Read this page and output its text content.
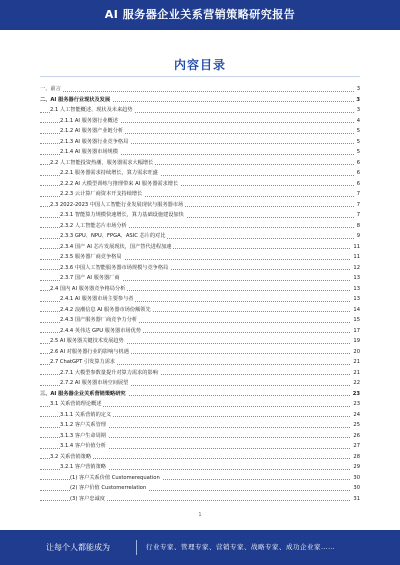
AI 服务器企业关系营销策略研究报告
内容目录
一、前言	3
二、AI 服务器行业现状及发展	3
2.1 人工智能概述、现状及未来趋势	3
2.1.1 AI 服务器行业概述	4
2.1.2 AI 服务器产业链分析	5
2.1.3 AI 服务器行业竞争格局	5
2.1.4 AI 服务器市场规模	5
2.2 人工智能投资热潮，服务器需求大幅增长	6
2.2.1 服务器需求持续增长，算力需求旺盛	6
2.2.2 AI 大模型训练与推理带来 AI 服务器需求增长	6
2.2.3 云计算厂商资本开支持续增长	7
2.3 2022-2023 中国人工智能行业发展现状与服务器市场	7
2.3.1 智能算力规模快速增长，算力基础设施建设加快	7
2.3.2 人工智能芯片市场分析	8
2.3.3 GPU、NPU、FPGA、ASIC 芯片的对比	9
2.3.4 国产 AI 芯片发展现状，国产替代进程加速	11
2.3.5 服务器厂商竞争格局	11
2.3.6 中国人工智能服务器市场规模与竞争格局	12
2.3.7 国产 AI 服务器厂商	13
2.4 国内 AI 服务器竞争格局分析	13
2.4.1 AI 服务器市场主要参与者	13
2.4.2 浪潮信息 AI 服务器市场份额领先	14
2.4.3 国产服务器厂商竞争力分析	15
2.4.4 英伟达 GPU 服务器市场优势	17
2.5 AI 服务器关键技术发展趋势	19
2.6 AI 对服务器行业的影响与机遇	20
2.7 ChatGPT 引发算力需求	21
2.7.1 大模型参数量提升对算力需求的影响	21
2.7.2 AI 服务器市场空间展望	22
三、AI 服务器企业关系营销策略研究	23
3.1 关系营销理论概述	23
3.1.1 关系营销的定义	24
3.1.2 客户关系管理	25
3.1.3 客户生命周期	26
3.1.4 客户价值分析	27
3.2 关系营销策略	28
3.2.1 客户营销策略	29
(1) 客户关系价值 Customerequation	30
(2) 客户价值 Customerrelation	30
(3) 客户忠诚度	31
1
让每个人都能成为	行业专家、管理专家、营销专家、战略专家、成功企业家……
